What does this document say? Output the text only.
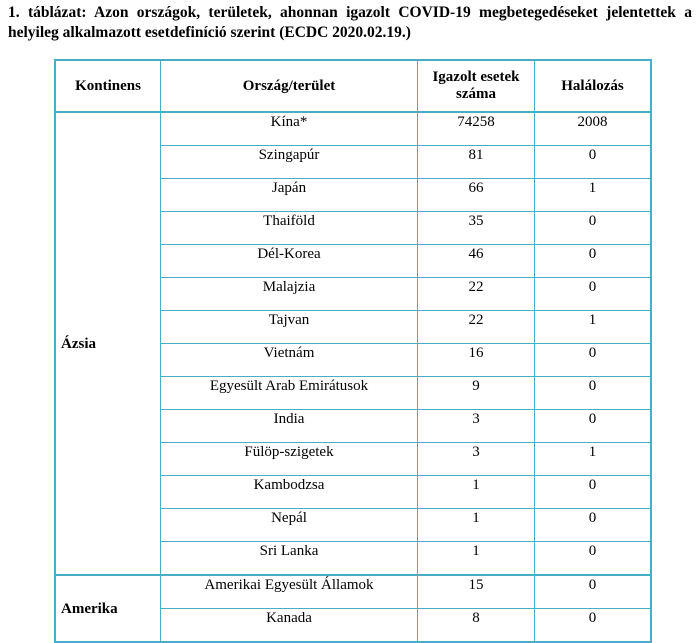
1. táblázat: Azon országok, területek, ahonnan igazolt COVID-19 megbetegedéseket jelentettek a helyileg alkalmazott esetdefiníció szerint (ECDC 2020.02.19.)
Kontinens	Ország/terület	Igazolt esetek száma	Halálozás
Ázsia	Kína*	74258	2008
	Szingapúr	81	0
	Japán	66	1
	Thaiföld	35	0
	Dél-Korea	46	0
	Malajzia	22	0
	Tajvan	22	1
	Vietnám	16	0
	Egyesült Arab Emirátusok	9	0
	India	3	0
	Fülöp-szigetek	3	1
	Kambodzsa	1	0
	Nepál	1	0
	Sri Lanka	1	0
Amerika	Amerikai Egyesült Államok	15	0
	Kanada	8	0
